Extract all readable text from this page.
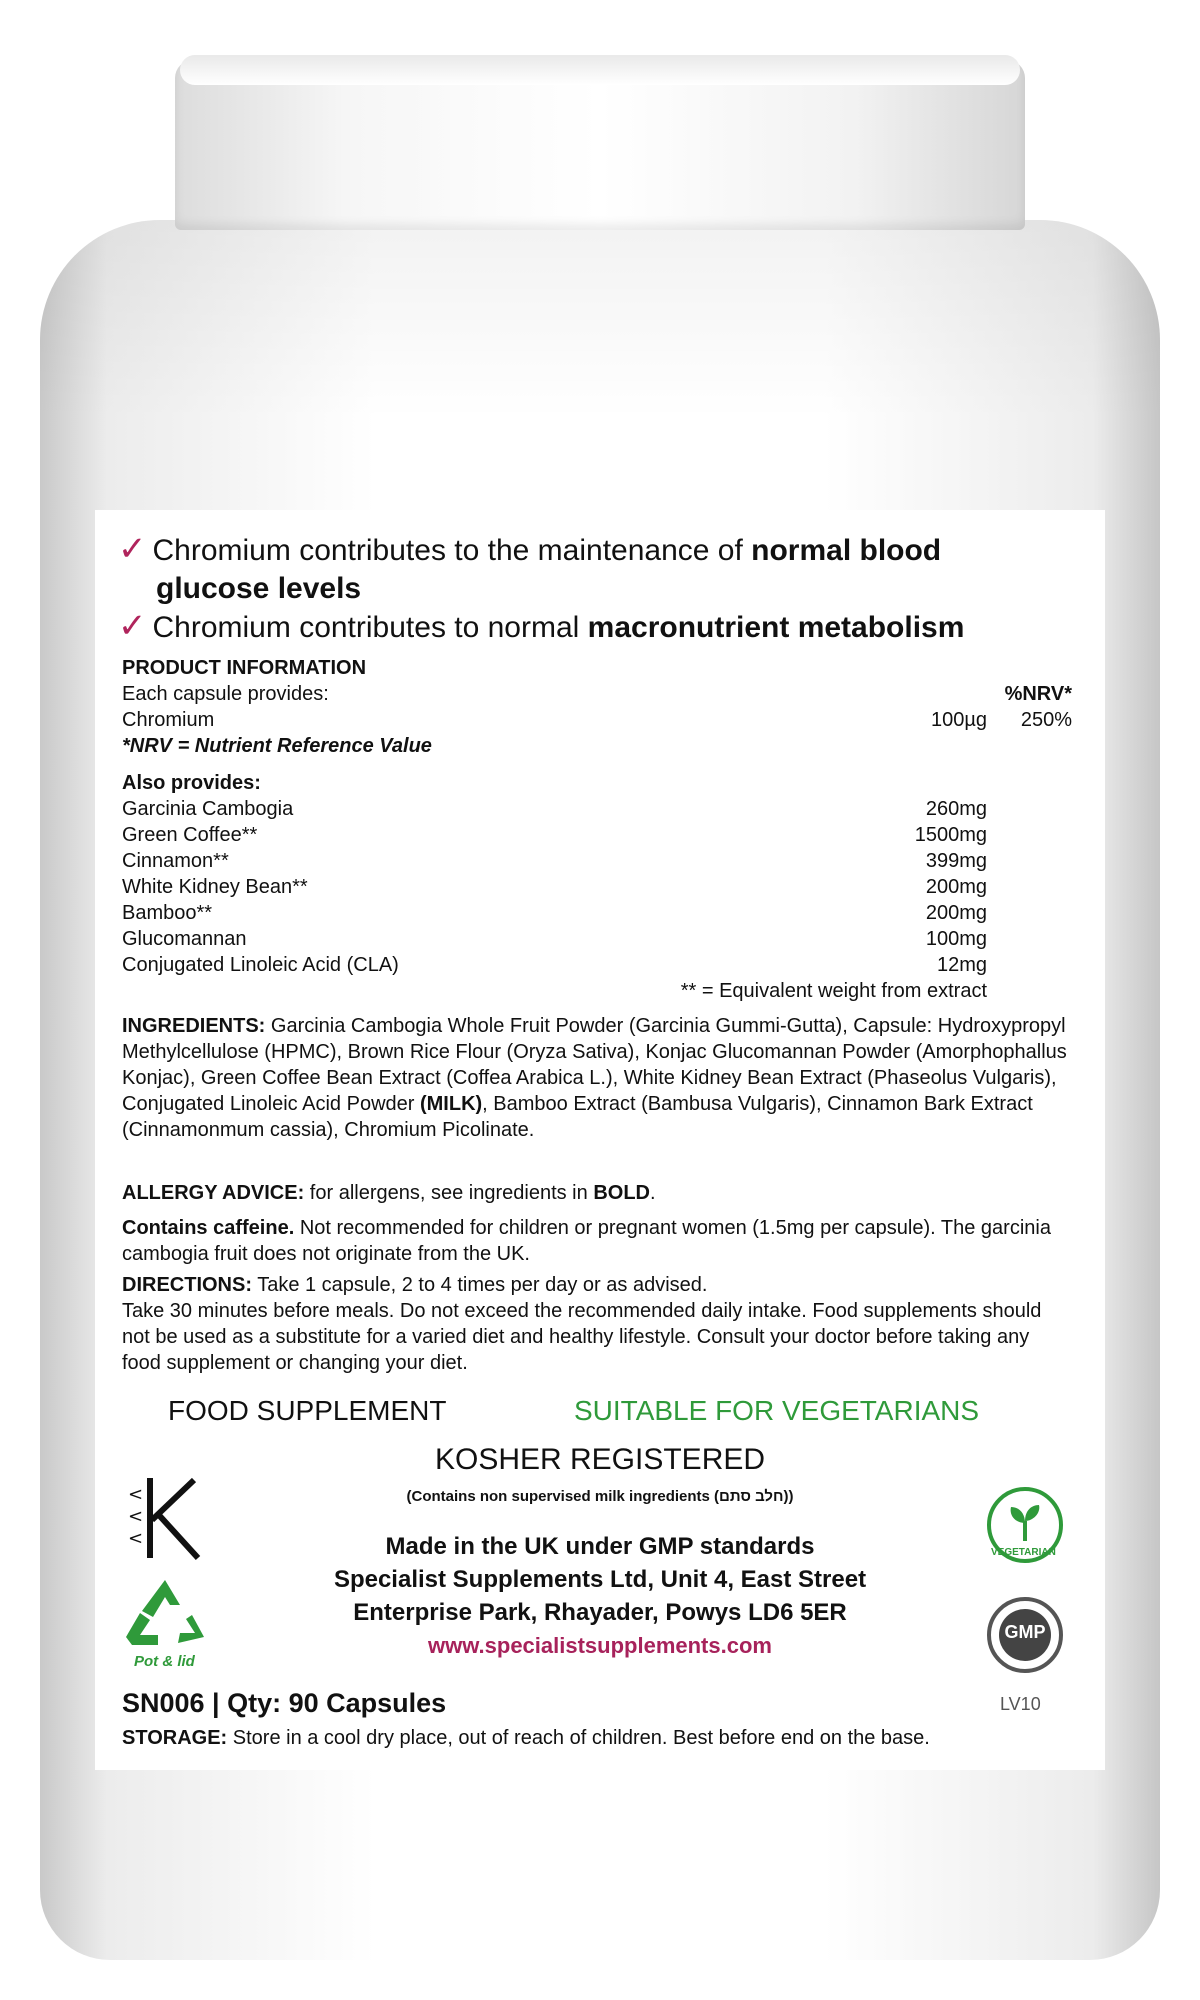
✓ Chromium contributes to the maintenance of normal blood
glucose levels
✓ Chromium contributes to normal macronutrient metabolism
PRODUCT INFORMATION
Each capsule provides:	%NRV*
Chromium	100µg 250%
*NRV = Nutrient Reference Value
Also provides:
Garcinia Cambogia	260mg
Green Coffee**	1500mg
Cinnamon**	399mg
White Kidney Bean**	200mg
Bamboo**	200mg
Glucomannan	100mg
Conjugated Linoleic Acid (CLA)	12mg
** = Equivalent weight from extract
INGREDIENTS: Garcinia Cambogia Whole Fruit Powder (Garcinia Gummi-Gutta), Capsule: Hydroxypropyl Methylcellulose (HPMC), Brown Rice Flour (Oryza Sativa), Konjac Glucomannan Powder (Amorphophallus Konjac), Green Coffee Bean Extract (Coffea Arabica L.), White Kidney Bean Extract (Phaseolus Vulgaris), Conjugated Linoleic Acid Powder (MILK), Bamboo Extract (Bambusa Vulgaris), Cinnamon Bark Extract (Cinnamonmum cassia), Chromium Picolinate.
ALLERGY ADVICE: for allergens, see ingredients in BOLD.
Contains caffeine. Not recommended for children or pregnant women (1.5mg per capsule). The garcinia cambogia fruit does not originate from the UK.
DIRECTIONS: Take 1 capsule, 2 to 4 times per day or as advised.
Take 30 minutes before meals. Do not exceed the recommended daily intake. Food supplements should not be used as a substitute for a varied diet and healthy lifestyle. Consult your doctor before taking any food supplement or changing your diet.
FOOD SUPPLEMENT	SUITABLE FOR VEGETARIANS
KOSHER REGISTERED
(Contains non supervised milk ingredients (חלב סתם))
Made in the UK under GMP standards
Specialist Supplements Ltd, Unit 4, East Street
Enterprise Park, Rhayader, Powys LD6 5ER
www.specialistsupplements.com
<
<
<
Pot & lid
VEGETARIAN
GMP
SN006 | Qty: 90 Capsules	LV10
STORAGE: Store in a cool dry place, out of reach of children. Best before end on the base.
